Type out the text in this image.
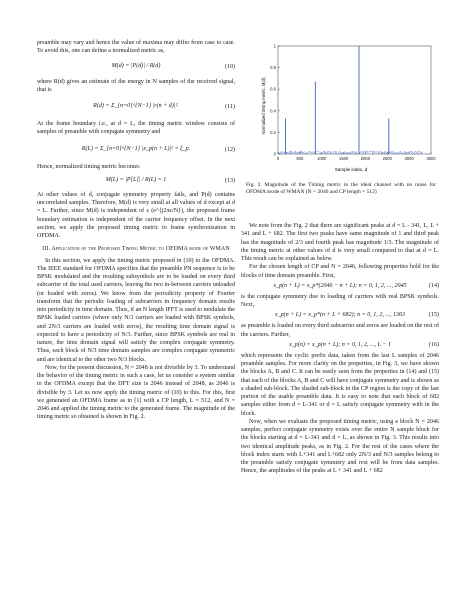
preamble may vary and hence the value of maxima may differ from case to case. To avoid this, one can define a normalized metric as,

M(d) = |P(d)| / R(d)	(10)

where R(d) gives an estimate of the energy in N samples of the received signal, that is

R(d) = Σ_{n=0}^{N−1} |r(n + d)|².	(11)

At the frame boundary i.e., at d = L, the timing metric window consists of samples of preamble with conjugate symmetry and

R(L) = Σ_{n=0}^{N−1} |x_p(n + L)|² = ξ_p.	(12)

Hence, normalized timing metric becomes

M(L) = |P[L]| / R(L) = 1	(13)

At other values of d, conjugate symmetry property fails, and P(d) contains uncorrelated samples. Therefore, M(d) is very small at all values of d except at d = L. Further, since M(d) is independent of ε (e^{j2πε/N}), the proposed frame boundary estimation is independent of the carrier frequency offset. In the next section, we apply the proposed timing metric to frame synchronization in OFDMA.

III. Application of the Proposed Timing Metric to OFDMA mode of WMAN

In this section, we apply the timing metric proposed in (10) to the OFDMA. The IEEE standard for OFDMA specifies that the preamble PN sequence is to be BPSK modulated and the resulting subsymbols are to be loaded on every third subcarrier of the total used carriers, leaving the two in-between carriers unloaded (or loaded with zeros). We know from the periodicity property of Fourier transform that the periodic loading of subcarriers in frequency domain results into periodicity in time domain. Thus, if an N length IFFT is used to modulate the BPSK loaded carriers (where only N/3 carriers are loaded with BPSK symbols, and 2N/3 carriers are loaded with zeros), the resulting time domain signal is expected to have a periodicity of N/3. Further, since BPSK symbols are real in nature, the time domain signal will satisfy the complex conjugate symmetry. Thus, each block of N/3 time domain samples are complex conjugate symmetric and are identical to the other two N/3 blocks.

Now, for the present discussion, N = 2048 is not divisible by 3. To understand the behavior of the timing metric in such a case, let us consider a system similar to the OFDMA except that the DFT size is 2046 instead of 2048, as 2046 is divisible by 3. Let us now apply the timing metric of (10) to this. For this, first we generated an OFDMA frame as in [1] with a CP length, L = 512, and N = 2046 and applied the timing metric to the generated frame. The magnitude of the timing metric so obtained is shown in Fig. 2.

0	500	1000	1500	2000	2500	3000	3500
0
0.2
0.4
0.6
0.8
1
Normalized timing metric, M(d)
Sample index, d

Fig. 2. Magnitude of the Timing metric in the ideal channel with no noise for OFDMA mode of WMAN (N = 2046 and CP length = 512)

We note from the Fig. 2 that there are significant peaks at d = L - 341, L, L + 341 and L + 682. The first two peaks have same magnitude of 1 and third peak has the magnitude of 2/3 and fourth peak has magnitude 1/3. The magnitude of the timing metric at other values of d is very small compared to that at d = L. This result can be explained as below.

For the chosen length of CP and N = 2046, following properties hold for the blocks of time domain preamble. First,

x_p(n + L) = x_p*(2046 − n + L); n = 0, 1, 2, ..., 2045	(14)

is the conjugate symmetry due to loading of carriers with real BPSK symbols. Next,

x_p(n + L) = x_p*(n + L + 682); n = 0, 1, 2, ..., 1363	(15)

as preamble is loaded on every third subcarrier and zeros are loaded on the rest of the carriers. Further,

x_p(n) = x_p(n + L); n = 0, 1, 2, ..., L − 1	(16)

which represents the cyclic prefix data, taken from the last L samples of 2046 preamble samples. For more clarity on the properties, in Fig. 3, we have shown the blocks A, B and C. It can be easily seen from the properties in (14) and (15) that each of the blocks A, B and C will have conjugate symmetry and is shown as a shaded sub-block. The shaded sub-block in the CP region is the copy of the last portion of the usable preamble data. It is easy to note that each block of 682 samples either from d = L-341 or d = L satisfy conjugate symmetry with in the block.

Now, when we evaluate the proposed timing metric, using a block N = 2046 samples, perfect conjugate symmetry exists over the entire N sample block for the blocks starting at d = L-341 and d = L, as shown in Fig. 3. This results into two identical amplitude peaks, as in Fig. 2. For the rest of the cases where the block index starts with L+341 and L+682 only 2N/3 and N/3 samples belong to the preamble satisfy conjugate symmetry and rest will be from data samples. Hence, the amplitudes of the peaks at L + 341 and L + 682
